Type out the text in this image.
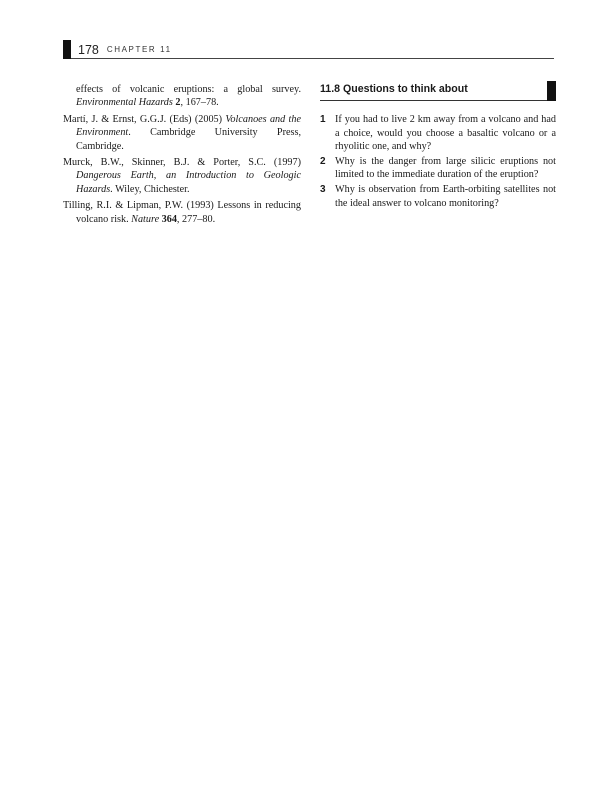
178 CHAPTER 11

effects of volcanic eruptions: a global survey. Environmental Hazards 2, 167–78.

Martí, J. & Ernst, G.G.J. (Eds) (2005) Volcanoes and the Environment. Cambridge University Press, Cambridge.

Murck, B.W., Skinner, B.J. & Porter, S.C. (1997) Dangerous Earth, an Introduction to Geologic Hazards. Wiley, Chichester.

Tilling, R.I. & Lipman, P.W. (1993) Lessons in reducing volcano risk. Nature 364, 277–80.

11.8 Questions to think about
1 If you had to live 2 km away from a volcano and had a choice, would you choose a basaltic volcano or a rhyolitic one, and why?
2 Why is the danger from large silicic eruptions not limited to the immediate duration of the eruption?
3 Why is observation from Earth-orbiting satellites not the ideal answer to volcano monitoring?
